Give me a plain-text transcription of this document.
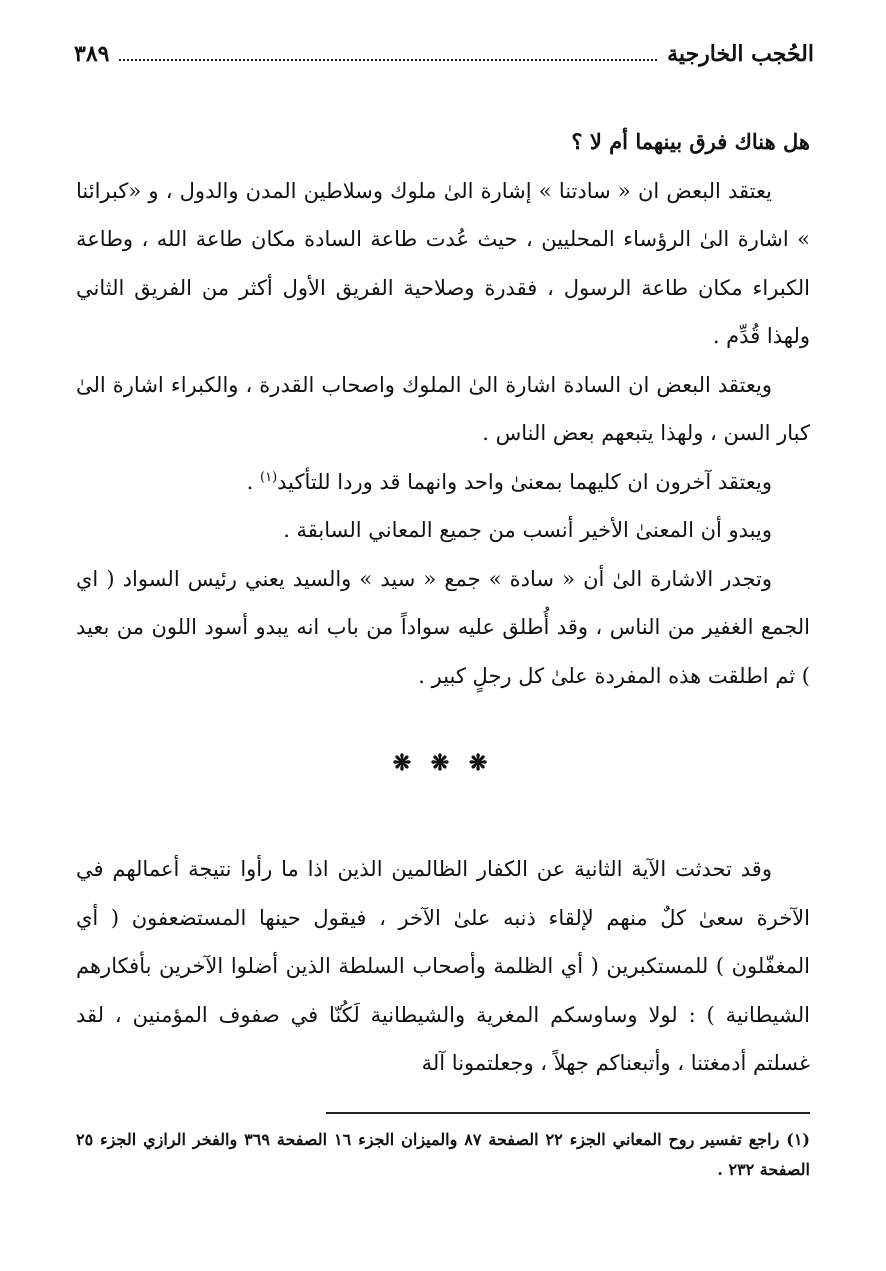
الحُجب الخارجية
٣٨٩

هل هناك فرق بينهما أم لا ؟

يعتقد البعض ان « سادتنا » إشارة الىٰ ملوك وسلاطين المدن والدول ، و «كبرائنا » اشارة الىٰ الرؤساء المحليين ، حيث عُدت طاعة السادة مكان طاعة الله ، وطاعة الكبراء مكان طاعة الرسول ، فقدرة وصلاحية الفريق الأول أكثر من الفريق الثاني ولهذا قُدِّم .

ويعتقد البعض ان السادة اشارة الىٰ الملوك واصحاب القدرة ، والكبراء اشارة الىٰ كبار السن ، ولهذا يتبعهم بعض الناس .

ويعتقد آخرون ان كليهما بمعنىٰ واحد وانهما قد وردا للتأكيد$^{(١)}$ .

ويبدو أن المعنىٰ الأخير أنسب من جميع المعاني السابقة .

وتجدر الاشارة الىٰ أن « سادة » جمع « سيد » والسيد يعني رئيس السواد ( اي الجمع الغفير من الناس ، وقد أُطلق عليه سواداً من باب انه يبدو أسود اللون من بعيد ) ثم اطلقت هذه المفردة علىٰ كل رجلٍ كبير .

❋ ❋ ❋

وقد تحدثت الآية الثانية عن الكفار الظالمين الذين اذا ما رأوا نتيجة أعمالهم في الآخرة سعىٰ كلٌ منهم لإلقاء ذنبه علىٰ الآخر ، فيقول حينها المستضعفون ( أي المغفّلون ) للمستكبرين ( أي الظلمة وأصحاب السلطة الذين أضلوا الآخرين بأفكارهم الشيطانية ) : لولا وساوسكم المغرية والشيطانية لَكُنّا في صفوف المؤمنين ، لقد غسلتم أدمغتنا ، وأتبعناكم جهلاً ، وجعلتمونا آلة

(١) راجع تفسير روح المعاني الجزء ٢٢ الصفحة ٨٧ والميزان الجزء ١٦ الصفحة ٣٦٩ والفخر الرازي الجزء ٢٥ الصفحة ٢٣٢ .
